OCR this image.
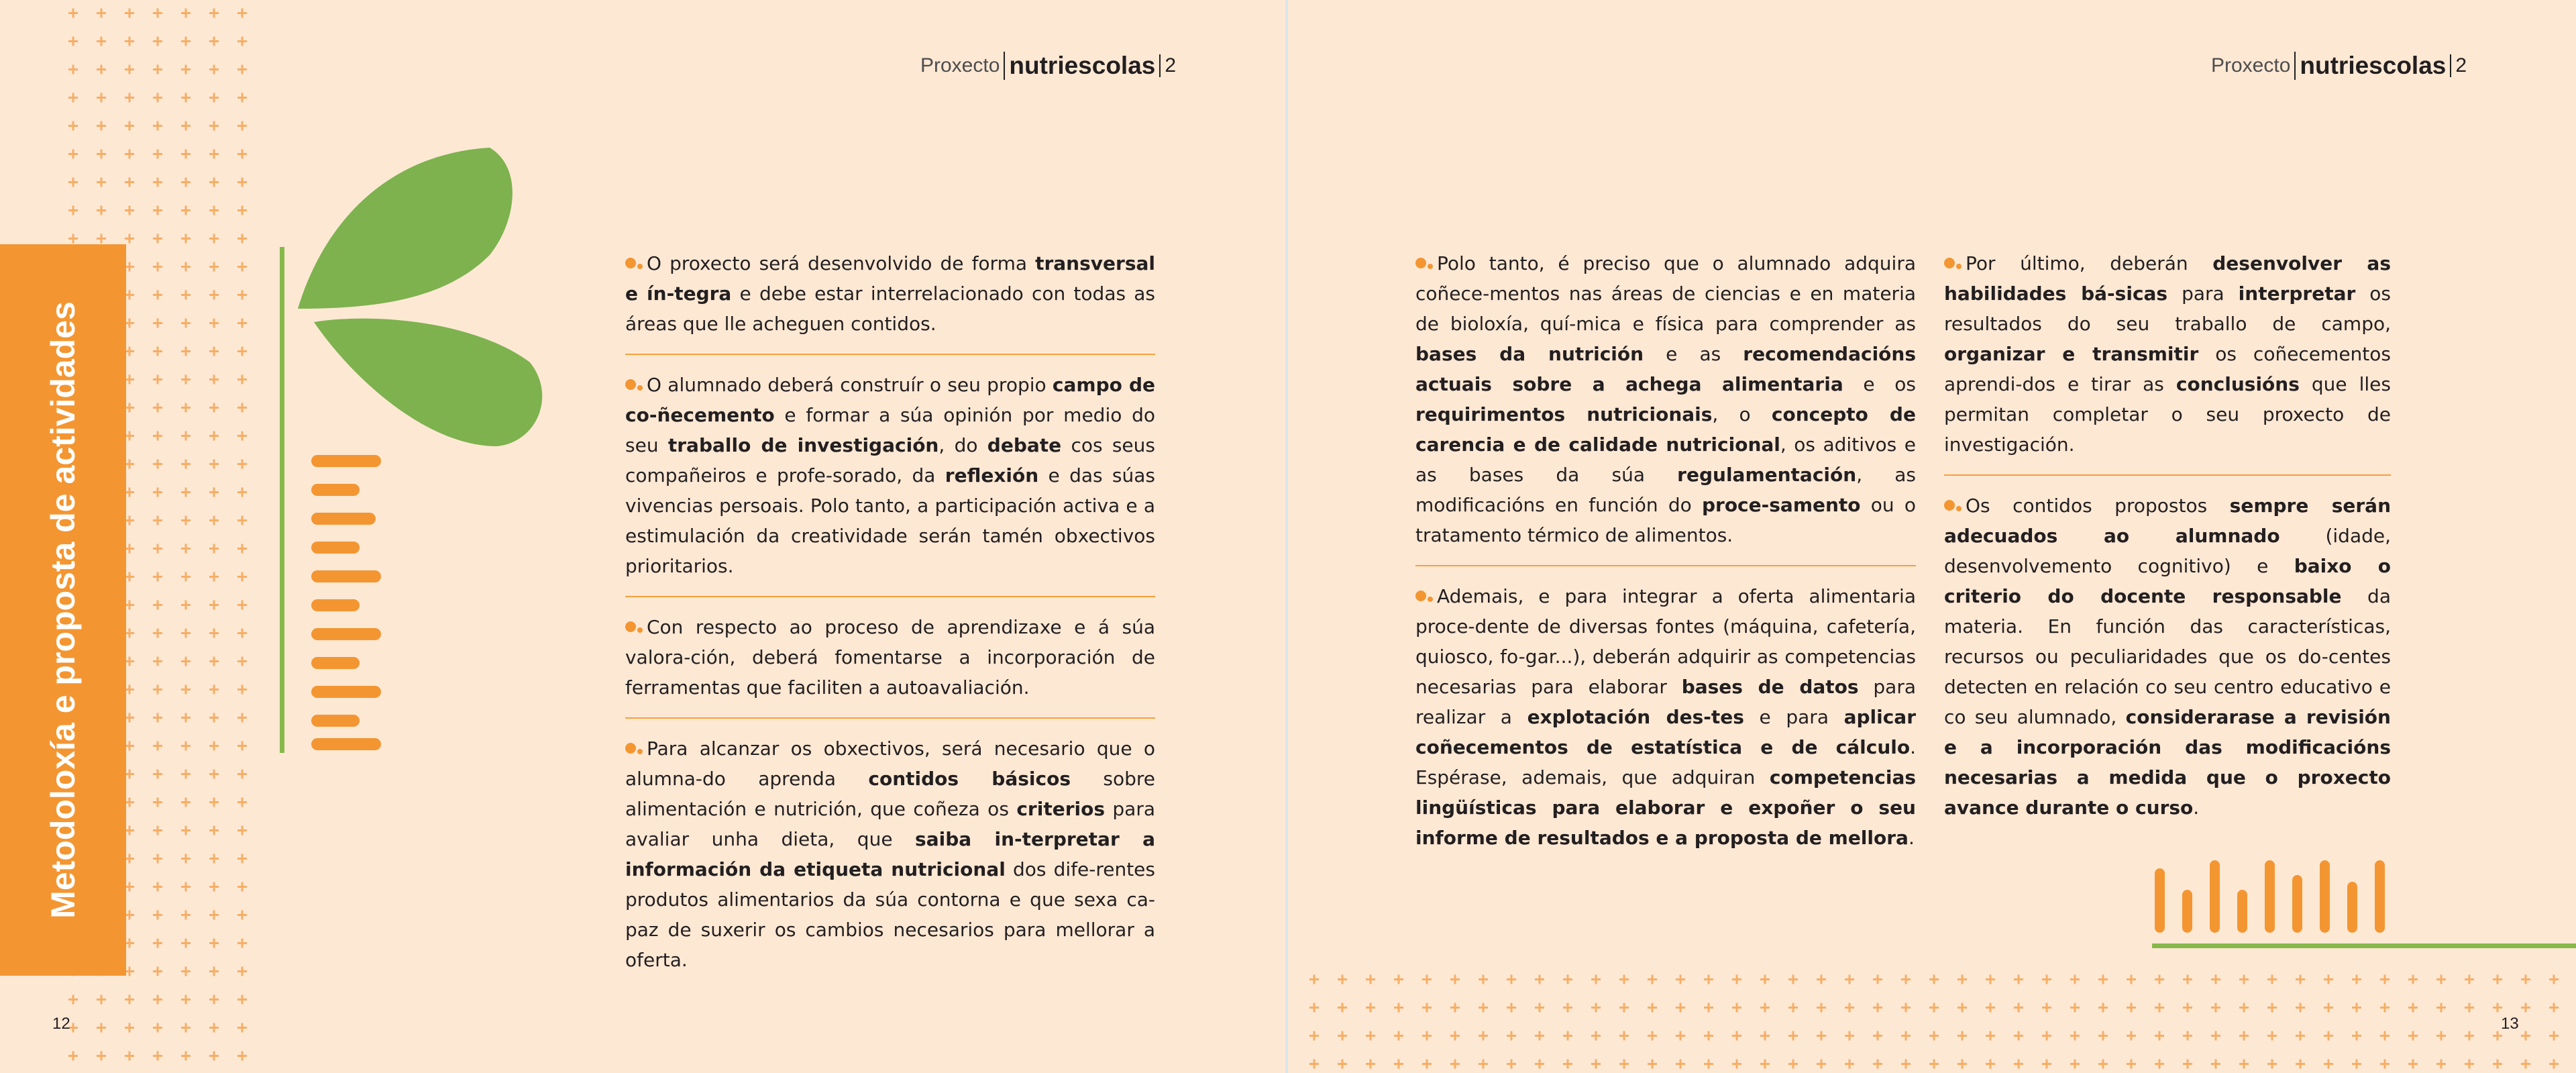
Metodoloxía e proposta de actividades
12
Proxecto nutriescolas 2
O proxecto será desenvolvido de forma transversal e ín-tegra e debe estar interrelacionado con todas as áreas que lle acheguen contidos.
O alumnado deberá construír o seu propio campo de co-ñecemento e formar a súa opinión por medio do seu traballo de investigación, do debate cos seus compañeiros e profe-sorado, da reflexión e das súas vivencias persoais. Polo tanto, a participación activa e a estimulación da creatividade serán tamén obxectivos prioritarios.
Con respecto ao proceso de aprendizaxe e á súa valora-ción, deberá fomentarse a incorporación de ferramentas que faciliten a autoavaliación.
Para alcanzar os obxectivos, será necesario que o alumna-do aprenda contidos básicos sobre alimentación e nutrición, que coñeza os criterios para avaliar unha dieta, que saiba in-terpretar a información da etiqueta nutricional dos dife-rentes produtos alimentarios da súa contorna e que sexa ca-paz de suxerir os cambios necesarios para mellorar a oferta.
Proxecto nutriescolas 2
Polo tanto, é preciso que o alumnado adquira coñece-mentos nas áreas de ciencias e en materia de bioloxía, quí-mica e física para comprender as bases da nutrición e as recomendacións actuais sobre a achega alimentaria e os requirimentos nutricionais, o concepto de carencia e de calidade nutricional, os aditivos e as bases da súa regulamentación, as modificacións en función do proce-samento ou o tratamento térmico de alimentos.
Ademais, e para integrar a oferta alimentaria proce-dente de diversas fontes (máquina, cafetería, quiosco, fo-gar...), deberán adquirir as competencias necesarias para elaborar bases de datos para realizar a explotación des-tes e para aplicar coñecementos de estatística e de cálculo. Espérase, ademais, que adquiran competencias lingüísticas para elaborar e expoñer o seu informe de resultados e a proposta de mellora.
Por último, deberán desenvolver as habilidades bá-sicas para interpretar os resultados do seu traballo de campo, organizar e transmitir os coñecementos aprendi-dos e tirar as conclusións que lles permitan completar o seu proxecto de investigación.
Os contidos propostos sempre serán adecuados ao alumnado (idade, desenvolvemento cognitivo) e baixo o criterio do docente responsable da materia. En función das características, recursos ou peculiaridades que os do-centes detecten en relación co seu centro educativo e co seu alumnado, considerarase a revisión e a incorporación das modificacións necesarias a medida que o proxecto avance durante o curso.
13
